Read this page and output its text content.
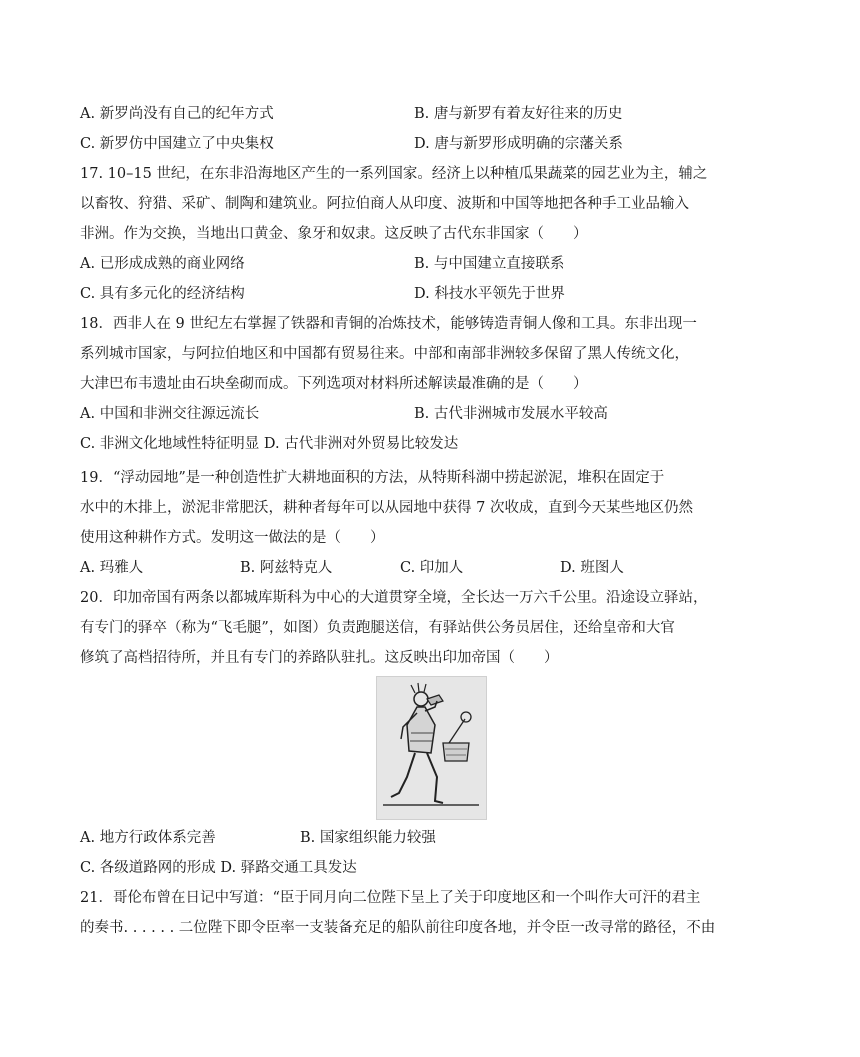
A. 新罗尚没有自己的纪年方式	B. 唐与新罗有着友好往来的历史
C. 新罗仿中国建立了中央集权	D. 唐与新罗形成明确的宗藩关系
17. 10–15 世纪，在东非沿海地区产生的一系列国家。经济上以种植瓜果蔬菜的园艺业为主，辅之
以畜牧、狩猎、采矿、制陶和建筑业。阿拉伯商人从印度、波斯和中国等地把各种手工业品输入
非洲。作为交换，当地出口黄金、象牙和奴隶。这反映了古代东非国家（　　）
A. 已形成成熟的商业网络	B. 与中国建立直接联系
C. 具有多元化的经济结构	D. 科技水平领先于世界
18．西非人在 9 世纪左右掌握了铁器和青铜的冶炼技术，能够铸造青铜人像和工具。东非出现一
系列城市国家，与阿拉伯地区和中国都有贸易往来。中部和南部非洲较多保留了黑人传统文化，
大津巴布韦遗址由石块垒砌而成。下列选项对材料所述解读最准确的是（　　）
A. 中国和非洲交往源远流长	B. 古代非洲城市发展水平较高
C. 非洲文化地域性特征明显 D. 古代非洲对外贸易比较发达
19．“浮动园地”是一种创造性扩大耕地面积的方法，从特斯科湖中捞起淤泥，堆积在固定于
水中的木排上，淤泥非常肥沃，耕种者每年可以从园地中获得 7 次收成，直到今天某些地区仍然
使用这种耕作方式。发明这一做法的是（　　）
A. 玛雅人	B. 阿兹特克人	C. 印加人	D. 班图人
20．印加帝国有两条以都城库斯科为中心的大道贯穿全境，全长达一万六千公里。沿途设立驿站，
有专门的驿卒（称为“飞毛腿”，如图）负责跑腿送信，有驿站供公务员居住，还给皇帝和大官
修筑了高档招待所，并且有专门的养路队驻扎。这反映出印加帝国（　　）
A. 地方行政体系完善	B. 国家组织能力较强
C. 各级道路网的形成 D. 驿路交通工具发达
21．哥伦布曾在日记中写道：“臣于同月向二位陛下呈上了关于印度地区和一个叫作大可汗的君主
的奏书. . . . . . 二位陛下即令臣率一支装备充足的船队前往印度各地，并令臣一改寻常的路径，不由
